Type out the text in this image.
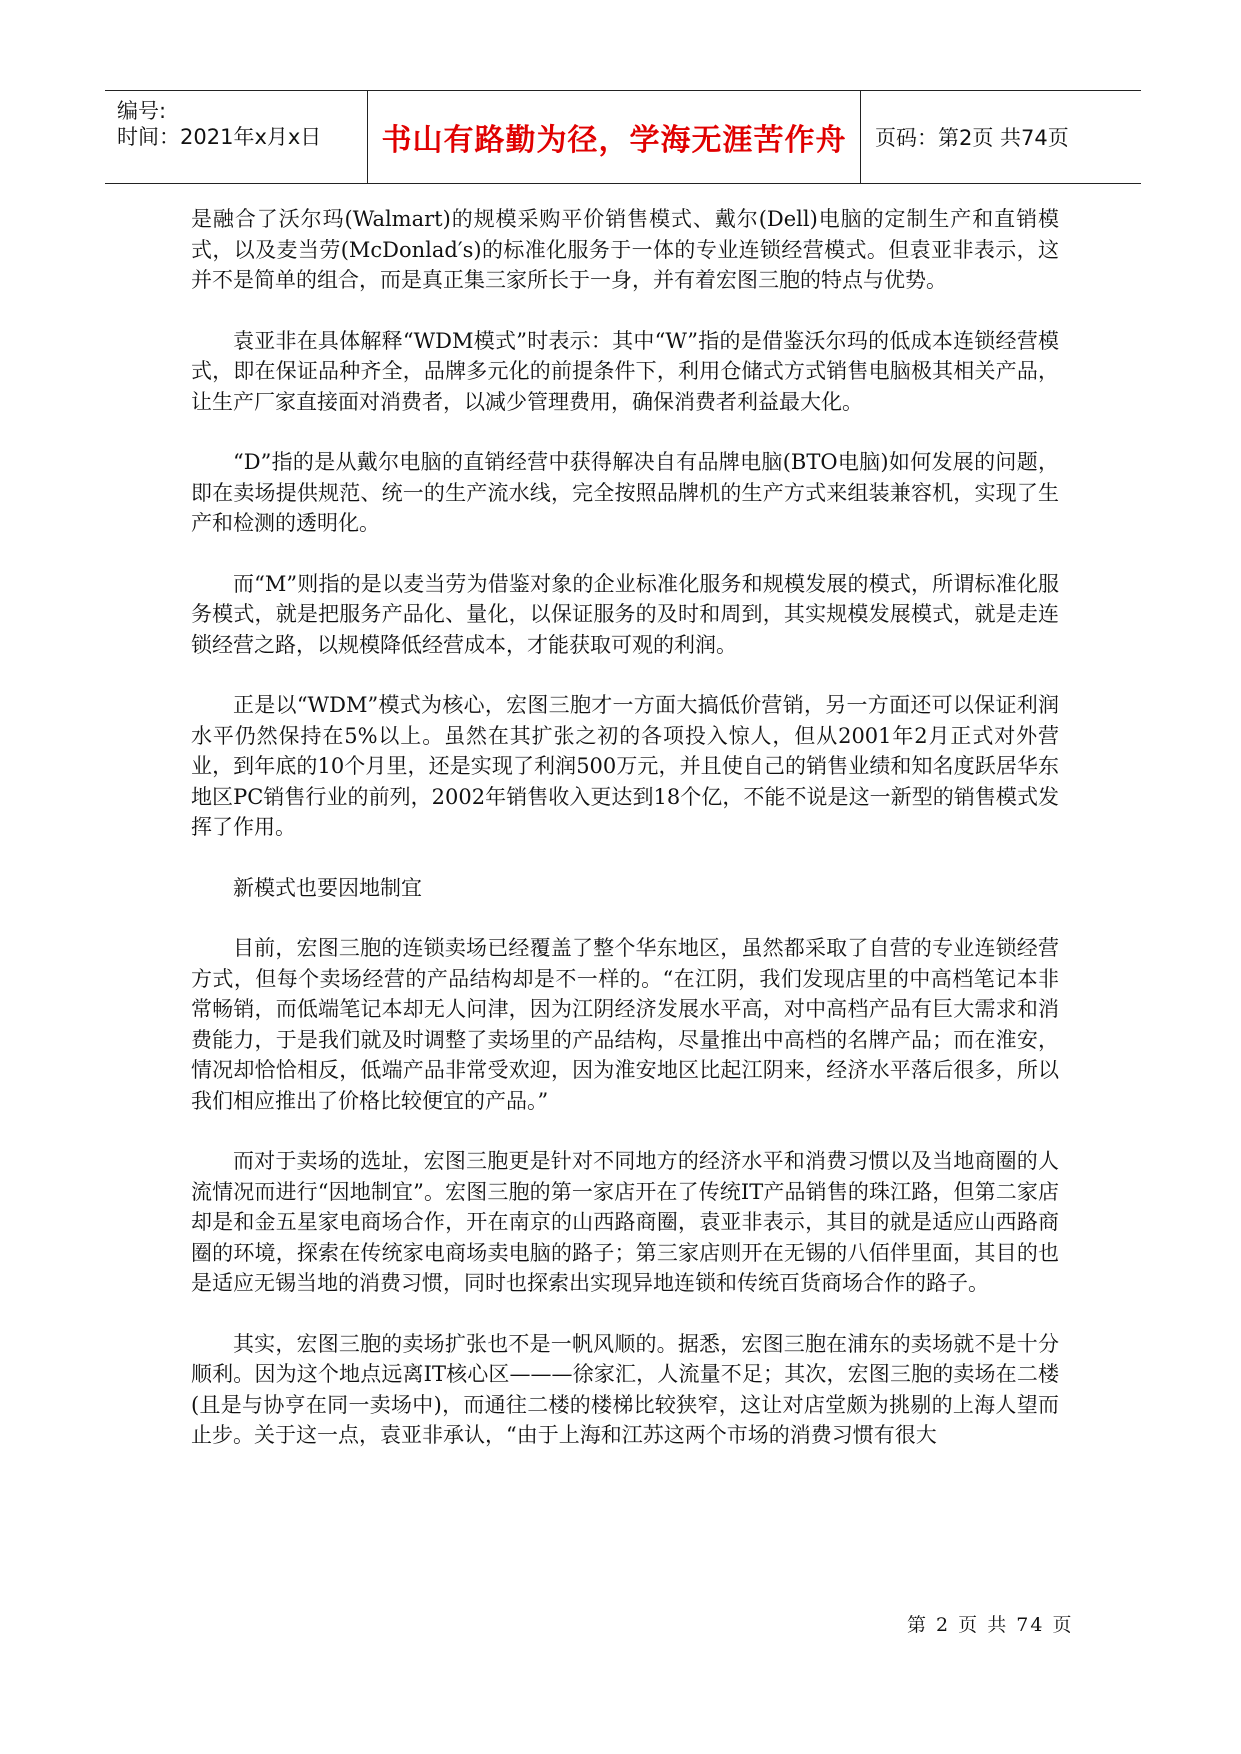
编号:
时间：2021年x月x日	书山有路勤为径，学海无涯苦作舟	页码：第2页 共74页

是融合了沃尔玛(Walmart)的规模采购平价销售模式、戴尔(Dell)电脑的定制生产和直销模式，以及麦当劳(McDonlad′s)的标准化服务于一体的专业连锁经营模式。但袁亚非表示，这并不是简单的组合，而是真正集三家所长于一身，并有着宏图三胞的特点与优势。

袁亚非在具体解释“WDM模式”时表示：其中“W”指的是借鉴沃尔玛的低成本连锁经营模式，即在保证品种齐全，品牌多元化的前提条件下，利用仓储式方式销售电脑极其相关产品，让生产厂家直接面对消费者，以减少管理费用，确保消费者利益最大化。

“D”指的是从戴尔电脑的直销经营中获得解决自有品牌电脑(BTO电脑)如何发展的问题，即在卖场提供规范、统一的生产流水线，完全按照品牌机的生产方式来组装兼容机，实现了生产和检测的透明化。

而“M”则指的是以麦当劳为借鉴对象的企业标准化服务和规模发展的模式，所谓标准化服务模式，就是把服务产品化、量化，以保证服务的及时和周到，其实规模发展模式，就是走连锁经营之路，以规模降低经营成本，才能获取可观的利润。

正是以“WDM”模式为核心，宏图三胞才一方面大搞低价营销，另一方面还可以保证利润水平仍然保持在5%以上。虽然在其扩张之初的各项投入惊人，但从2001年2月正式对外营业，到年底的10个月里，还是实现了利润500万元，并且使自己的销售业绩和知名度跃居华东地区PC销售行业的前列，2002年销售收入更达到18个亿，不能不说是这一新型的销售模式发挥了作用。

新模式也要因地制宜

目前，宏图三胞的连锁卖场已经覆盖了整个华东地区，虽然都采取了自营的专业连锁经营方式，但每个卖场经营的产品结构却是不一样的。“在江阴，我们发现店里的中高档笔记本非常畅销，而低端笔记本却无人问津，因为江阴经济发展水平高，对中高档产品有巨大需求和消费能力，于是我们就及时调整了卖场里的产品结构，尽量推出中高档的名牌产品；而在淮安，情况却恰恰相反，低端产品非常受欢迎，因为淮安地区比起江阴来，经济水平落后很多，所以我们相应推出了价格比较便宜的产品。”

而对于卖场的选址，宏图三胞更是针对不同地方的经济水平和消费习惯以及当地商圈的人流情况而进行“因地制宜”。宏图三胞的第一家店开在了传统IT产品销售的珠江路，但第二家店却是和金五星家电商场合作，开在南京的山西路商圈，袁亚非表示，其目的就是适应山西路商圈的环境，探索在传统家电商场卖电脑的路子；第三家店则开在无锡的八佰伴里面，其目的也是适应无锡当地的消费习惯，同时也探索出实现异地连锁和传统百货商场合作的路子。

其实，宏图三胞的卖场扩张也不是一帆风顺的。据悉，宏图三胞在浦东的卖场就不是十分顺利。因为这个地点远离IT核心区———徐家汇，人流量不足；其次，宏图三胞的卖场在二楼(且是与协亨在同一卖场中)，而通往二楼的楼梯比较狭窄，这让对店堂颇为挑剔的上海人望而止步。关于这一点，袁亚非承认，“由于上海和江苏这两个市场的消费习惯有很大

第 2 页 共 74 页
